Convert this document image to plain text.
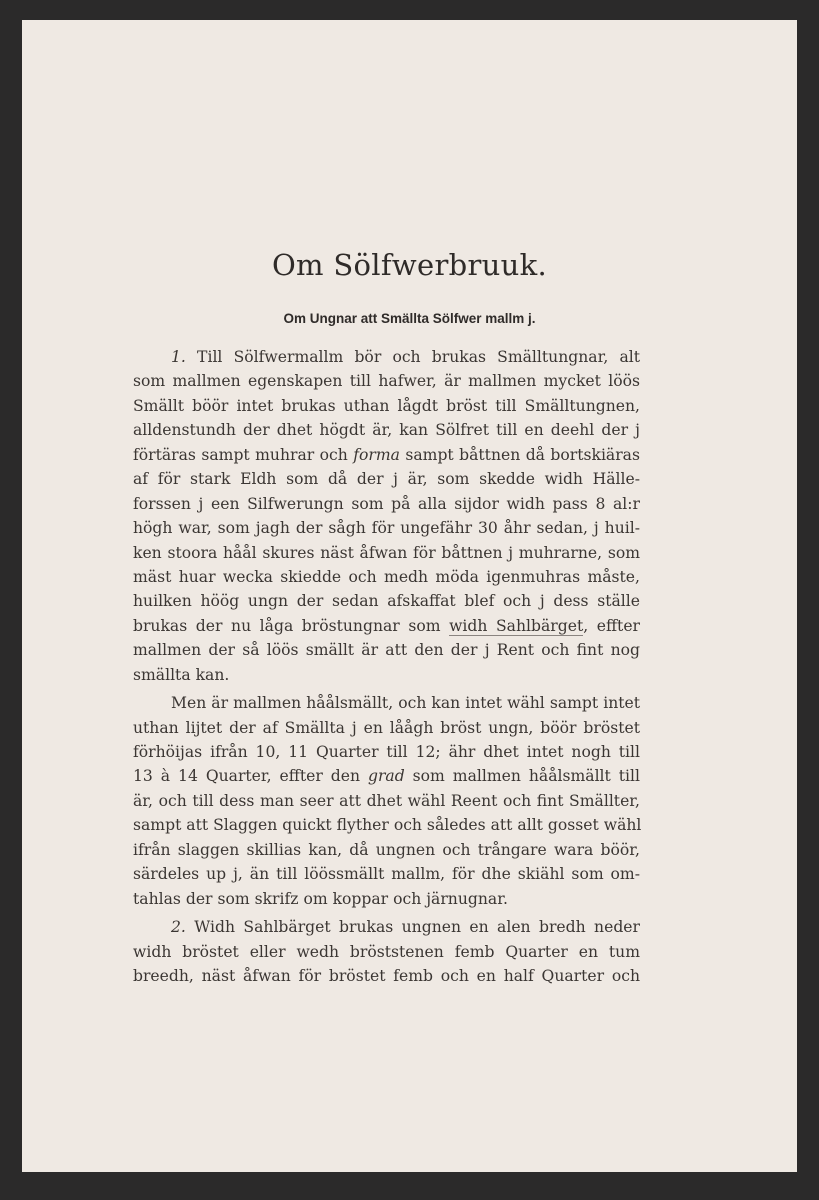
Om Sölfwerbruuk.
Om Ungnar att Smällta Sölfwer mallm j.
1. Till Sölfwermallm bör och brukas Smälltungnar, alt
som mallmen egenskapen till hafwer, är mallmen mycket löös
Smällt böör intet brukas uthan lågdt bröst till Smälltungnen,
alldenstundh der dhet högdt är, kan Sölfret till en deehl der j
förtäras sampt muhrar och forma sampt båttnen då bortskiäras
af för stark Eldh som då der j är, som skedde widh Hälle-
forssen j een Silfwerungn som på alla sijdor widh pass 8 al:r
högh war, som jagh der sågh för ungefähr 30 åhr sedan, j huil-
ken stoora håål skures näst åfwan för båttnen j muhrarne, som
mäst huar wecka skiedde och medh möda igenmuhras måste,
huilken höög ungn der sedan afskaffat blef och j dess ställe
brukas der nu låga bröstungnar som widh Sahlbärget, effter
mallmen der så löös smällt är att den der j Rent och fint nog
smällta kan.
Men är mallmen håålsmällt, och kan intet wähl sampt intet
uthan lijtet der af Smällta j en låågh bröst ungn, böör bröstet
förhöijas ifrån 10, 11 Quarter till 12; ähr dhet intet nogh till
13 à 14 Quarter, effter den grad som mallmen håålsmällt till
är, och till dess man seer att dhet wähl Reent och fint Smällter,
sampt att Slaggen quickt flyther och således att allt gosset wähl
ifrån slaggen skillias kan, då ungnen och trångare wara böör,
särdeles up j, än till löössmällt mallm, för dhe skiähl som om-
tahlas der som skrifz om koppar och järnugnar.
2. Widh Sahlbärget brukas ungnen en alen bredh neder
widh bröstet eller wedh bröststenen femb Quarter en tum
breedh, näst åfwan för bröstet femb och en half Quarter och
